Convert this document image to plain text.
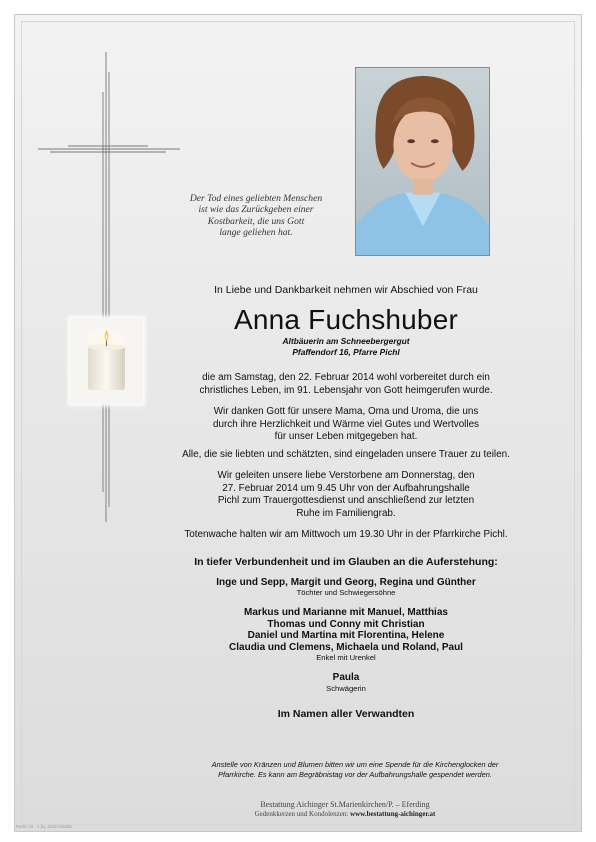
Der Tod eines geliebten Menschen
ist wie das Zurückgeben einer
Kostbarkeit, die uns Gott
lange geliehen hat.
In Liebe und Dankbarkeit nehmen wir Abschied von Frau
Anna Fuchshuber
Altbäuerin am Schneebergergut
Pfaffendorf 16, Pfarre Pichl
die am Samstag, den 22. Februar 2014 wohl vorbereitet durch ein
christliches Leben, im 91. Lebensjahr von Gott heimgerufen wurde.
Wir danken Gott für unsere Mama, Oma und Uroma, die uns
durch ihre Herzlichkeit und Wärme viel Gutes und Wertvolles
für unser Leben mitgegeben hat.
Alle, die sie liebten und schätzten, sind eingeladen unsere Trauer zu teilen.
Wir geleiten unsere liebe Verstorbene am Donnerstag, den
27. Februar 2014 um 9.45 Uhr von der Aufbahrungshalle
Pichl zum Trauergottesdienst und anschließend zur letzten
Ruhe im Familiengrab.
Totenwache halten wir am Mittwoch um 19.30 Uhr in der Pfarrkirche Pichl.
In tiefer Verbundenheit und im Glauben an die Auferstehung:
Inge und Sepp, Margit und Georg, Regina und Günther
Töchter und Schwiegersöhne
Markus und Marianne mit Manuel, Matthias
Thomas und Conny mit Christian
Daniel und Martina mit Florentina, Helene
Claudia und Clemens, Michaela und Roland, Paul
Enkel mit Urenkel
Paula
Schwägerin
Im Namen aller Verwandten
Anstelle von Kränzen und Blumen bitten wir um eine Spende für die Kirchenglocken der
Pfarrkirche. Es kann am Begräbnistag vor der Aufbahrungshalle gespendet werden.
Bestattung Aichinger St.Marienkirchen/P. – Eferding
Gedenkkerzen und Kondolenzen: www.bestattung-aichinger.at
Parte 13 · 1 by JJ/a/V/a/at/a
